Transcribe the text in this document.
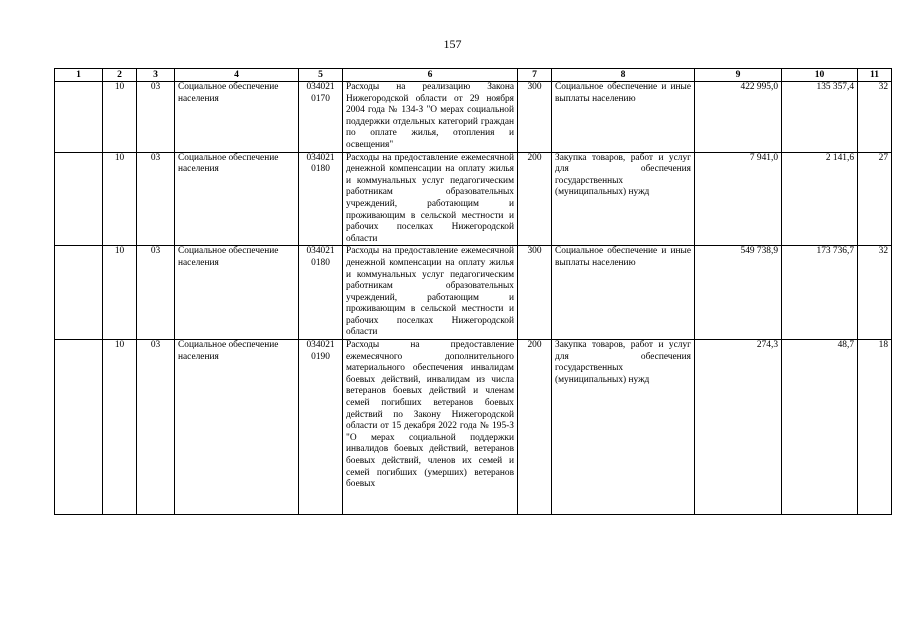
157
1	2	3	4	5	6	7	8	9	10	11
	10	03	Социальное обеспечение населения	034021 0170	Расходы на реализацию Закона Нижегородской области от 29 ноября 2004 года № 134-З "О мерах социальной поддержки отдельных категорий граждан по оплате жилья, отопления и освещения"	300	Социальное обеспечение и иные выплаты населению	422 995,0	135 357,4	32
	10	03	Социальное обеспечение населения	034021 0180	Расходы на предоставление ежемесячной денежной компенсации на оплату жилья и коммунальных услуг педагогическим работникам образовательных учреждений, работающим и проживающим в сельской местности и рабочих поселках Нижегородской области	200	Закупка товаров, работ и услуг для обеспечения государственных (муниципальных) нужд	7 941,0	2 141,6	27
	10	03	Социальное обеспечение населения	034021 0180	Расходы на предоставление ежемесячной денежной компенсации на оплату жилья и коммунальных услуг педагогическим работникам образовательных учреждений, работающим и проживающим в сельской местности и рабочих поселках Нижегородской области	300	Социальное обеспечение и иные выплаты населению	549 738,9	173 736,7	32
	10	03	Социальное обеспечение населения	034021 0190	Расходы на предоставление ежемесячного дополнительного материального обеспечения инвалидам боевых действий, инвалидам из числа ветеранов боевых действий и членам семей погибших ветеранов боевых действий по Закону Нижегородской области от 15 декабря 2022 года № 195-З "О мерах социальной поддержки инвалидов боевых действий, ветеранов боевых действий, членов их семей и семей погибших (умерших) ветеранов боевых	200	Закупка товаров, работ и услуг для обеспечения государственных (муниципальных) нужд	274,3	48,7	18
